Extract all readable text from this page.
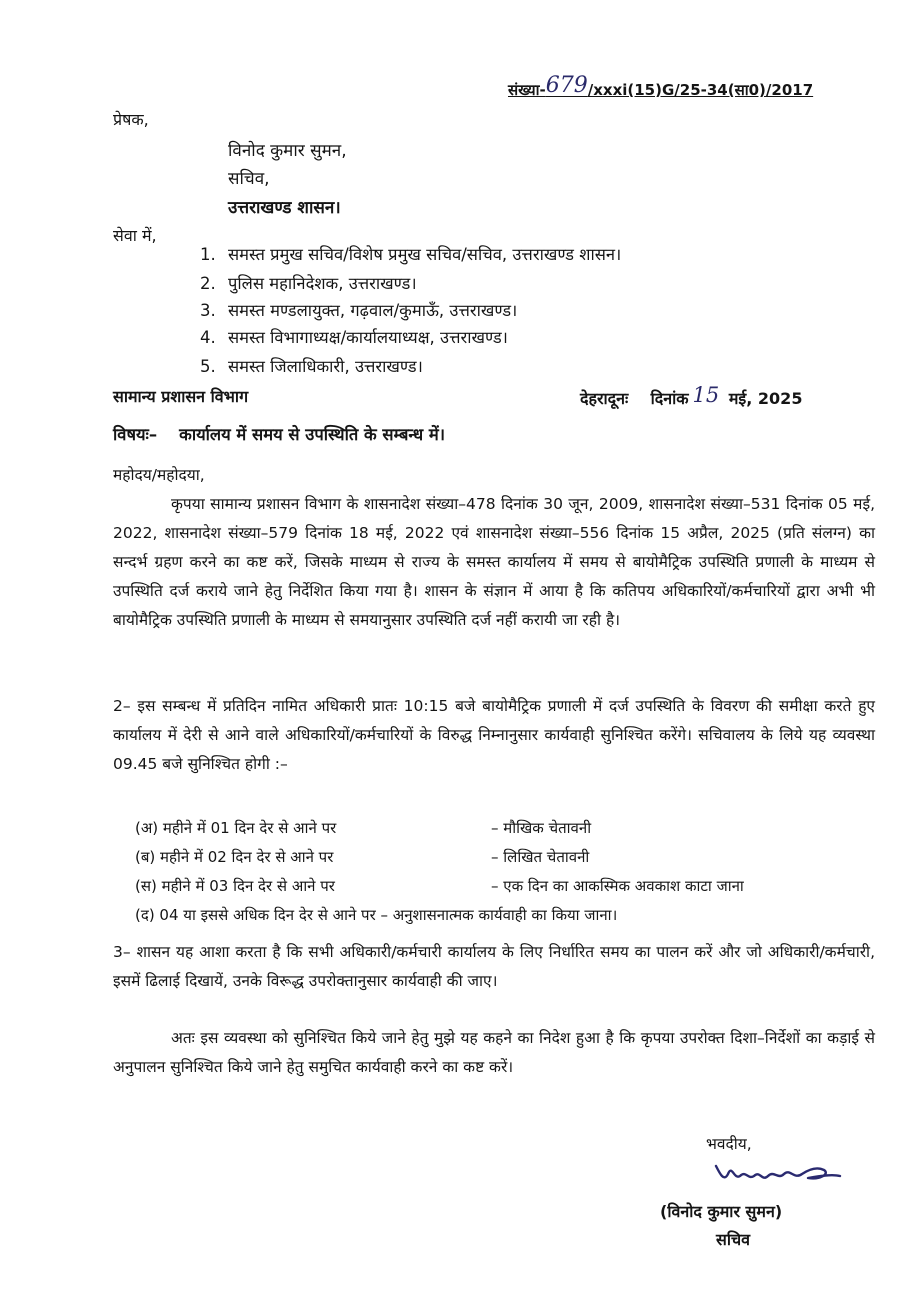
संख्या-679/xxxi(15)G/25-34(सा0)/2017
प्रेषक,
विनोद कुमार सुमन,
सचिव,
उत्तराखण्ड शासन।
सेवा में,
1. समस्त प्रमुख सचिव/विशेष प्रमुख सचिव/सचिव, उत्तराखण्ड शासन।
2. पुलिस महानिदेशक, उत्तराखण्ड।
3. समस्त मण्डलायुक्त, गढ़वाल/कुमाऊँ, उत्तराखण्ड।
4. समस्त विभागाध्यक्ष/कार्यालयाध्यक्ष, उत्तराखण्ड।
5. समस्त जिलाधिकारी, उत्तराखण्ड।
सामान्य प्रशासन विभाग	देहरादूनः दिनांक 15 मई, 2025
विषयः– कार्यालय में समय से उपस्थिति के सम्बन्ध में।
महोदय/महोदया,
कृपया सामान्य प्रशासन विभाग के शासनादेश संख्या–478 दिनांक 30 जून, 2009, शासनादेश संख्या–531 दिनांक 05 मई, 2022, शासनादेश संख्या–579 दिनांक 18 मई, 2022 एवं शासनादेश संख्या–556 दिनांक 15 अप्रैल, 2025 (प्रति संलग्न) का सन्दर्भ ग्रहण करने का कष्ट करें, जिसके माध्यम से राज्य के समस्त कार्यालय में समय से बायोमैट्रिक उपस्थिति प्रणाली के माध्यम से उपस्थिति दर्ज कराये जाने हेतु निर्देशित किया गया है। शासन के संज्ञान में आया है कि कतिपय अधिकारियों/कर्मचारियों द्वारा अभी भी बायोमैट्रिक उपस्थिति प्रणाली के माध्यम से समयानुसार उपस्थिति दर्ज नहीं करायी जा रही है।
2– इस सम्बन्ध में प्रतिदिन नामित अधिकारी प्रातः 10:15 बजे बायोमैट्रिक प्रणाली में दर्ज उपस्थिति के विवरण की समीक्षा करते हुए कार्यालय में देरी से आने वाले अधिकारियों/कर्मचारियों के विरुद्ध निम्नानुसार कार्यवाही सुनिश्चित करेंगे। सचिवालय के लिये यह व्यवस्था 09.45 बजे सुनिश्चित होगी :–
(अ) महीने में 01 दिन देर से आने पर	– मौखिक चेतावनी
(ब) महीने में 02 दिन देर से आने पर	– लिखित चेतावनी
(स) महीने में 03 दिन देर से आने पर	– एक दिन का आकस्मिक अवकाश काटा जाना
(द) 04 या इससे अधिक दिन देर से आने पर – अनुशासनात्मक कार्यवाही का किया जाना।
3– शासन यह आशा करता है कि सभी अधिकारी/कर्मचारी कार्यालय के लिए निर्धारित समय का पालन करें और जो अधिकारी/कर्मचारी, इसमें ढिलाई दिखायें, उनके विरूद्ध उपरोक्तानुसार कार्यवाही की जाए।
अतः इस व्यवस्था को सुनिश्चित किये जाने हेतु मुझे यह कहने का निदेश हुआ है कि कृपया उपरोक्त दिशा–निर्देशों का कड़ाई से अनुपालन सुनिश्चित किये जाने हेतु समुचित कार्यवाही करने का कष्ट करें।
भवदीय,
(विनोद कुमार सुमन)
सचिव
